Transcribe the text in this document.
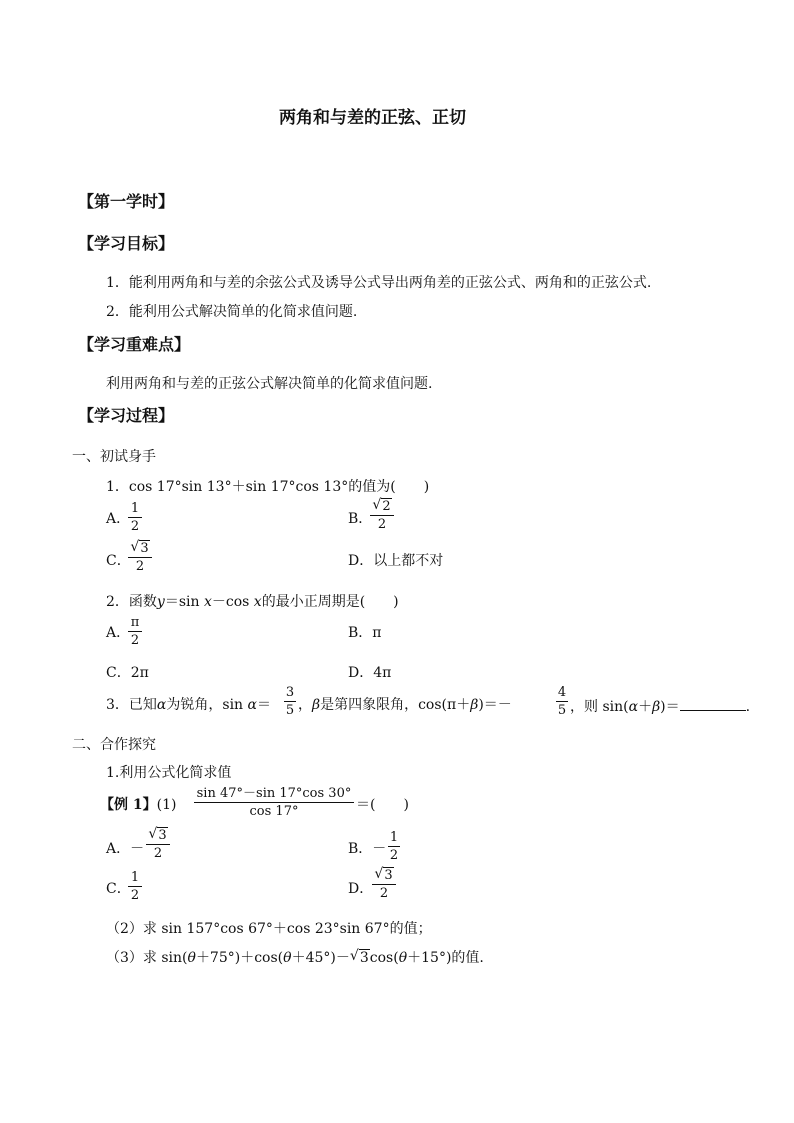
两角和与差的正弦、正切
【第一学时】
【学习目标】
1．能利用两角和与差的余弦公式及诱导公式导出两角差的正弦公式、两角和的正弦公式.
2．能利用公式解决简单的化简求值问题.
【学习重难点】
利用两角和与差的正弦公式解决简单的化简求值问题.
【学习过程】
一、初试身手
1．cos 17°sin 13°＋sin 17°cos 13°的值为(　　)
A．
1
2	B．
√ 2
2
C．
√ 3
2	D．以上都不对
2．函数y＝sin x－cos x的最小正周期是(　　)
A．
π
2	B．π
C．2π	D．4π
3．已知α为锐角，sin α＝
3
5 ，β是第四象限角，cos(π＋β)＝－
4
5 ，则 sin(α＋β)＝	.
二、合作探究
1.利用公式化简求值
【例 1】(1)
sin 47°－sin 17°cos 30°
cos 17°	＝(　　)
A．－
√ 3
2	B．－
1
2
C．
1
2	D．
√ 3
2
（2）求 sin 157°cos 67°＋cos 23°sin 67°的值；
（3）求 sin(θ＋75°)＋cos(θ＋45°)－√ 3cos(θ＋15°)的值.
